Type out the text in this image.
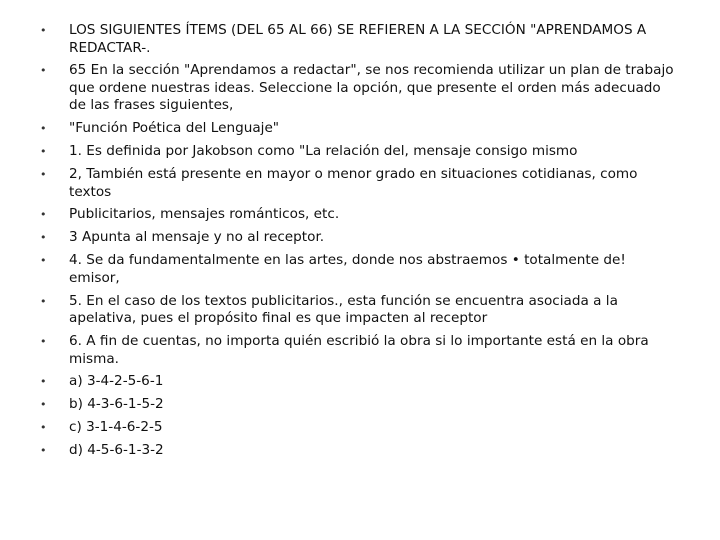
• LOS SIGUIENTES ÍTEMS (DEL 65 AL 66) SE REFIEREN A LA SECCIÓN "APRENDAMOS A REDACTAR-.
• 65 En la sección "Aprendamos a redactar", se nos recomienda utilizar un plan de trabajo que ordene nuestras ideas. Seleccione la opción, que presente el orden más adecuado de las frases siguientes,
• "Función Poética del Lenguaje"
• 1. Es definida por Jakobson como "La relación del, mensaje consigo mismo
• 2, También está presente en mayor o menor grado en situaciones cotidianas, como textos
• Publicitarios, mensajes románticos, etc.
• 3 Apunta al mensaje y no al receptor.
• 4. Se da fundamentalmente en las artes, donde nos abstraemos • totalmente de! emisor,
• 5. En el caso de los textos publicitarios., esta función se encuentra asociada a la apelativa, pues el propósito final es que impacten al receptor
• 6. A fin de cuentas, no importa quién escribió la obra si lo importante está en la obra misma.
• a) 3-4-2-5-6-1
• b) 4-3-6-1-5-2
• c) 3-1-4-6-2-5
• d) 4-5-6-1-3-2
